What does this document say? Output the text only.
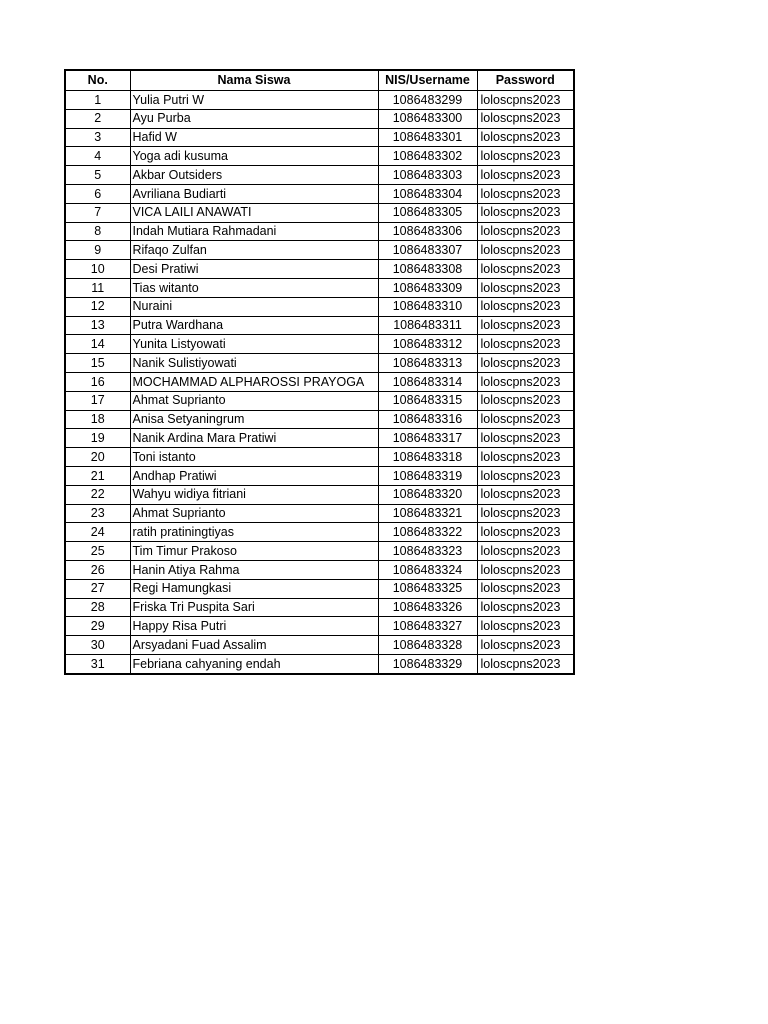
No.	Nama Siswa	NIS/Username	Password
1	Yulia Putri W	1086483299	loloscpns2023
2	Ayu Purba	1086483300	loloscpns2023
3	Hafid W	1086483301	loloscpns2023
4	Yoga adi kusuma	1086483302	loloscpns2023
5	Akbar Outsiders	1086483303	loloscpns2023
6	Avriliana Budiarti	1086483304	loloscpns2023
7	VICA LAILI ANAWATI	1086483305	loloscpns2023
8	Indah Mutiara Rahmadani	1086483306	loloscpns2023
9	Rifaqo Zulfan	1086483307	loloscpns2023
10	Desi Pratiwi	1086483308	loloscpns2023
11	Tias witanto	1086483309	loloscpns2023
12	Nuraini	1086483310	loloscpns2023
13	Putra Wardhana	1086483311	loloscpns2023
14	Yunita Listyowati	1086483312	loloscpns2023
15	Nanik Sulistiyowati	1086483313	loloscpns2023
16	MOCHAMMAD ALPHAROSSI PRAYOGA	1086483314	loloscpns2023
17	Ahmat Suprianto	1086483315	loloscpns2023
18	Anisa Setyaningrum	1086483316	loloscpns2023
19	Nanik Ardina Mara Pratiwi	1086483317	loloscpns2023
20	Toni istanto	1086483318	loloscpns2023
21	Andhap Pratiwi	1086483319	loloscpns2023
22	Wahyu widiya fitriani	1086483320	loloscpns2023
23	Ahmat Suprianto	1086483321	loloscpns2023
24	ratih pratiningtiyas	1086483322	loloscpns2023
25	Tim Timur Prakoso	1086483323	loloscpns2023
26	Hanin Atiya Rahma	1086483324	loloscpns2023
27	Regi Hamungkasi	1086483325	loloscpns2023
28	Friska Tri Puspita Sari	1086483326	loloscpns2023
29	Happy Risa Putri	1086483327	loloscpns2023
30	Arsyadani Fuad Assalim	1086483328	loloscpns2023
31	Febriana cahyaning endah	1086483329	loloscpns2023
